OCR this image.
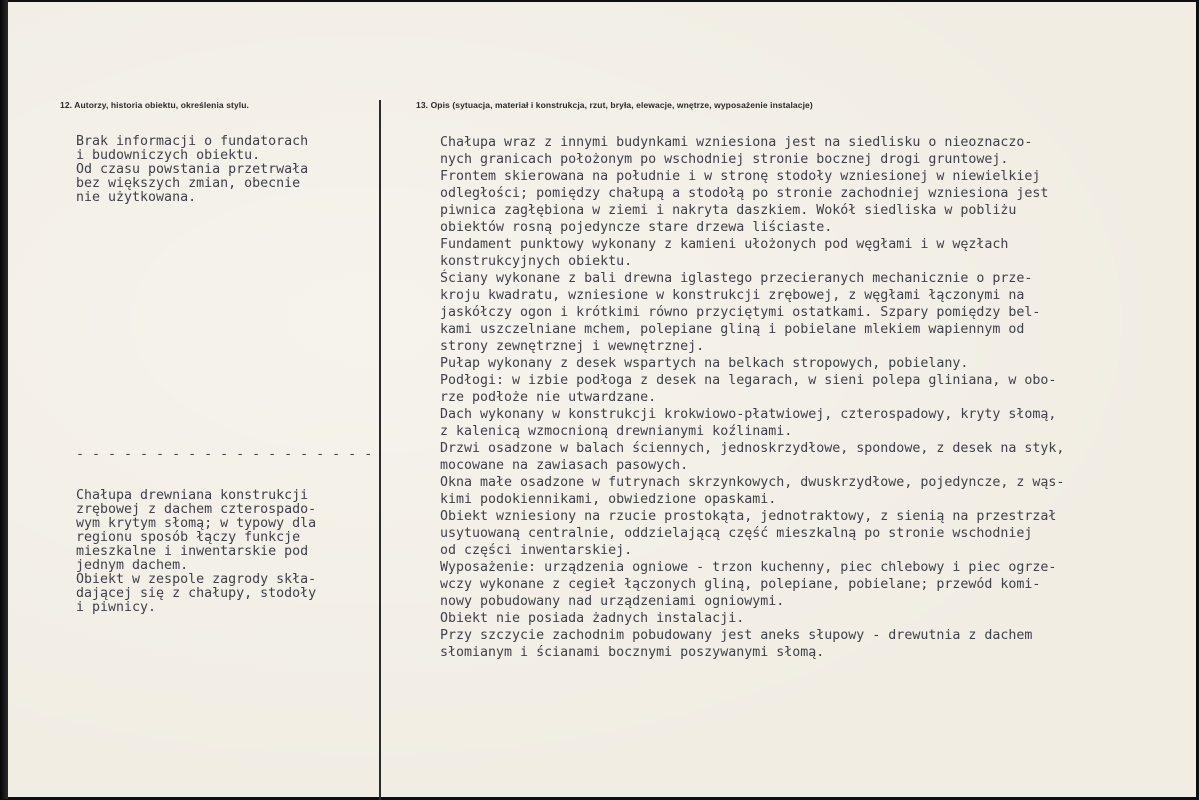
12. Autorzy, historia obiektu, określenia stylu.	13. Opis (sytuacja, materiał i konstrukcja, rzut, bryła, elewacje, wnętrze, wyposażenie instalacje)
Brak informacji o fundatorach
i budowniczych obiektu.
Od czasu powstania przetrwała
bez większych zmian, obecnie
nie użytkowana.
- - - - - - - - - - - - - - - - - - -
Chałupa drewniana konstrukcji
zrębowej z dachem czterospado-
wym krytym słomą; w typowy dla
regionu sposób łączy funkcje
mieszkalne i inwentarskie pod
jednym dachem.
Obiekt w zespole zagrody skła-
dającej się z chałupy, stodoły
i piwnicy.
Chałupa wraz z innymi budynkami wzniesiona jest na siedlisku o nieoznaczo-
nych granicach położonym po wschodniej stronie bocznej drogi gruntowej.
Frontem skierowana na południe i w stronę stodoły wzniesionej w niewielkiej
odległości; pomiędzy chałupą a stodołą po stronie zachodniej wzniesiona jest
piwnica zagłębiona w ziemi i nakryta daszkiem. Wokół siedliska w pobliżu
obiektów rosną pojedyncze stare drzewa liściaste.
Fundament punktowy wykonany z kamieni ułożonych pod węgłami i w węzłach
konstrukcyjnych obiektu.
Ściany wykonane z bali drewna iglastego przecieranych mechanicznie o prze-
kroju kwadratu, wzniesione w konstrukcji zrębowej, z węgłami łączonymi na
jaskółczy ogon i krótkimi równo przyciętymi ostatkami. Szpary pomiędzy bel-
kami uszczelniane mchem, polepiane gliną i pobielane mlekiem wapiennym od
strony zewnętrznej i wewnętrznej.
Pułap wykonany z desek wspartych na belkach stropowych, pobielany.
Podłogi: w izbie podłoga z desek na legarach, w sieni polepa gliniana, w obo-
rze podłoże nie utwardzane.
Dach wykonany w konstrukcji krokwiowo-płatwiowej, czterospadowy, kryty słomą,
z kalenicą wzmocnioną drewnianymi koźlinami.
Drzwi osadzone w balach ściennych, jednoskrzydłowe, spondowe, z desek na styk,
mocowane na zawiasach pasowych.
Okna małe osadzone w futrynach skrzynkowych, dwuskrzydłowe, pojedyncze, z wąs-
kimi podokiennikami, obwiedzione opaskami.
Obiekt wzniesiony na rzucie prostokąta, jednotraktowy, z sienią na przestrzał
usytuowaną centralnie, oddzielającą część mieszkalną po stronie wschodniej
od części inwentarskiej.
Wyposażenie: urządzenia ogniowe - trzon kuchenny, piec chlebowy i piec ogrze-
wczy wykonane z cegieł łączonych gliną, polepiane, pobielane; przewód komi-
nowy pobudowany nad urządzeniami ogniowymi.
Obiekt nie posiada żadnych instalacji.
Przy szczycie zachodnim pobudowany jest aneks słupowy - drewutnia z dachem
słomianym i ścianami bocznymi poszywanymi słomą.
